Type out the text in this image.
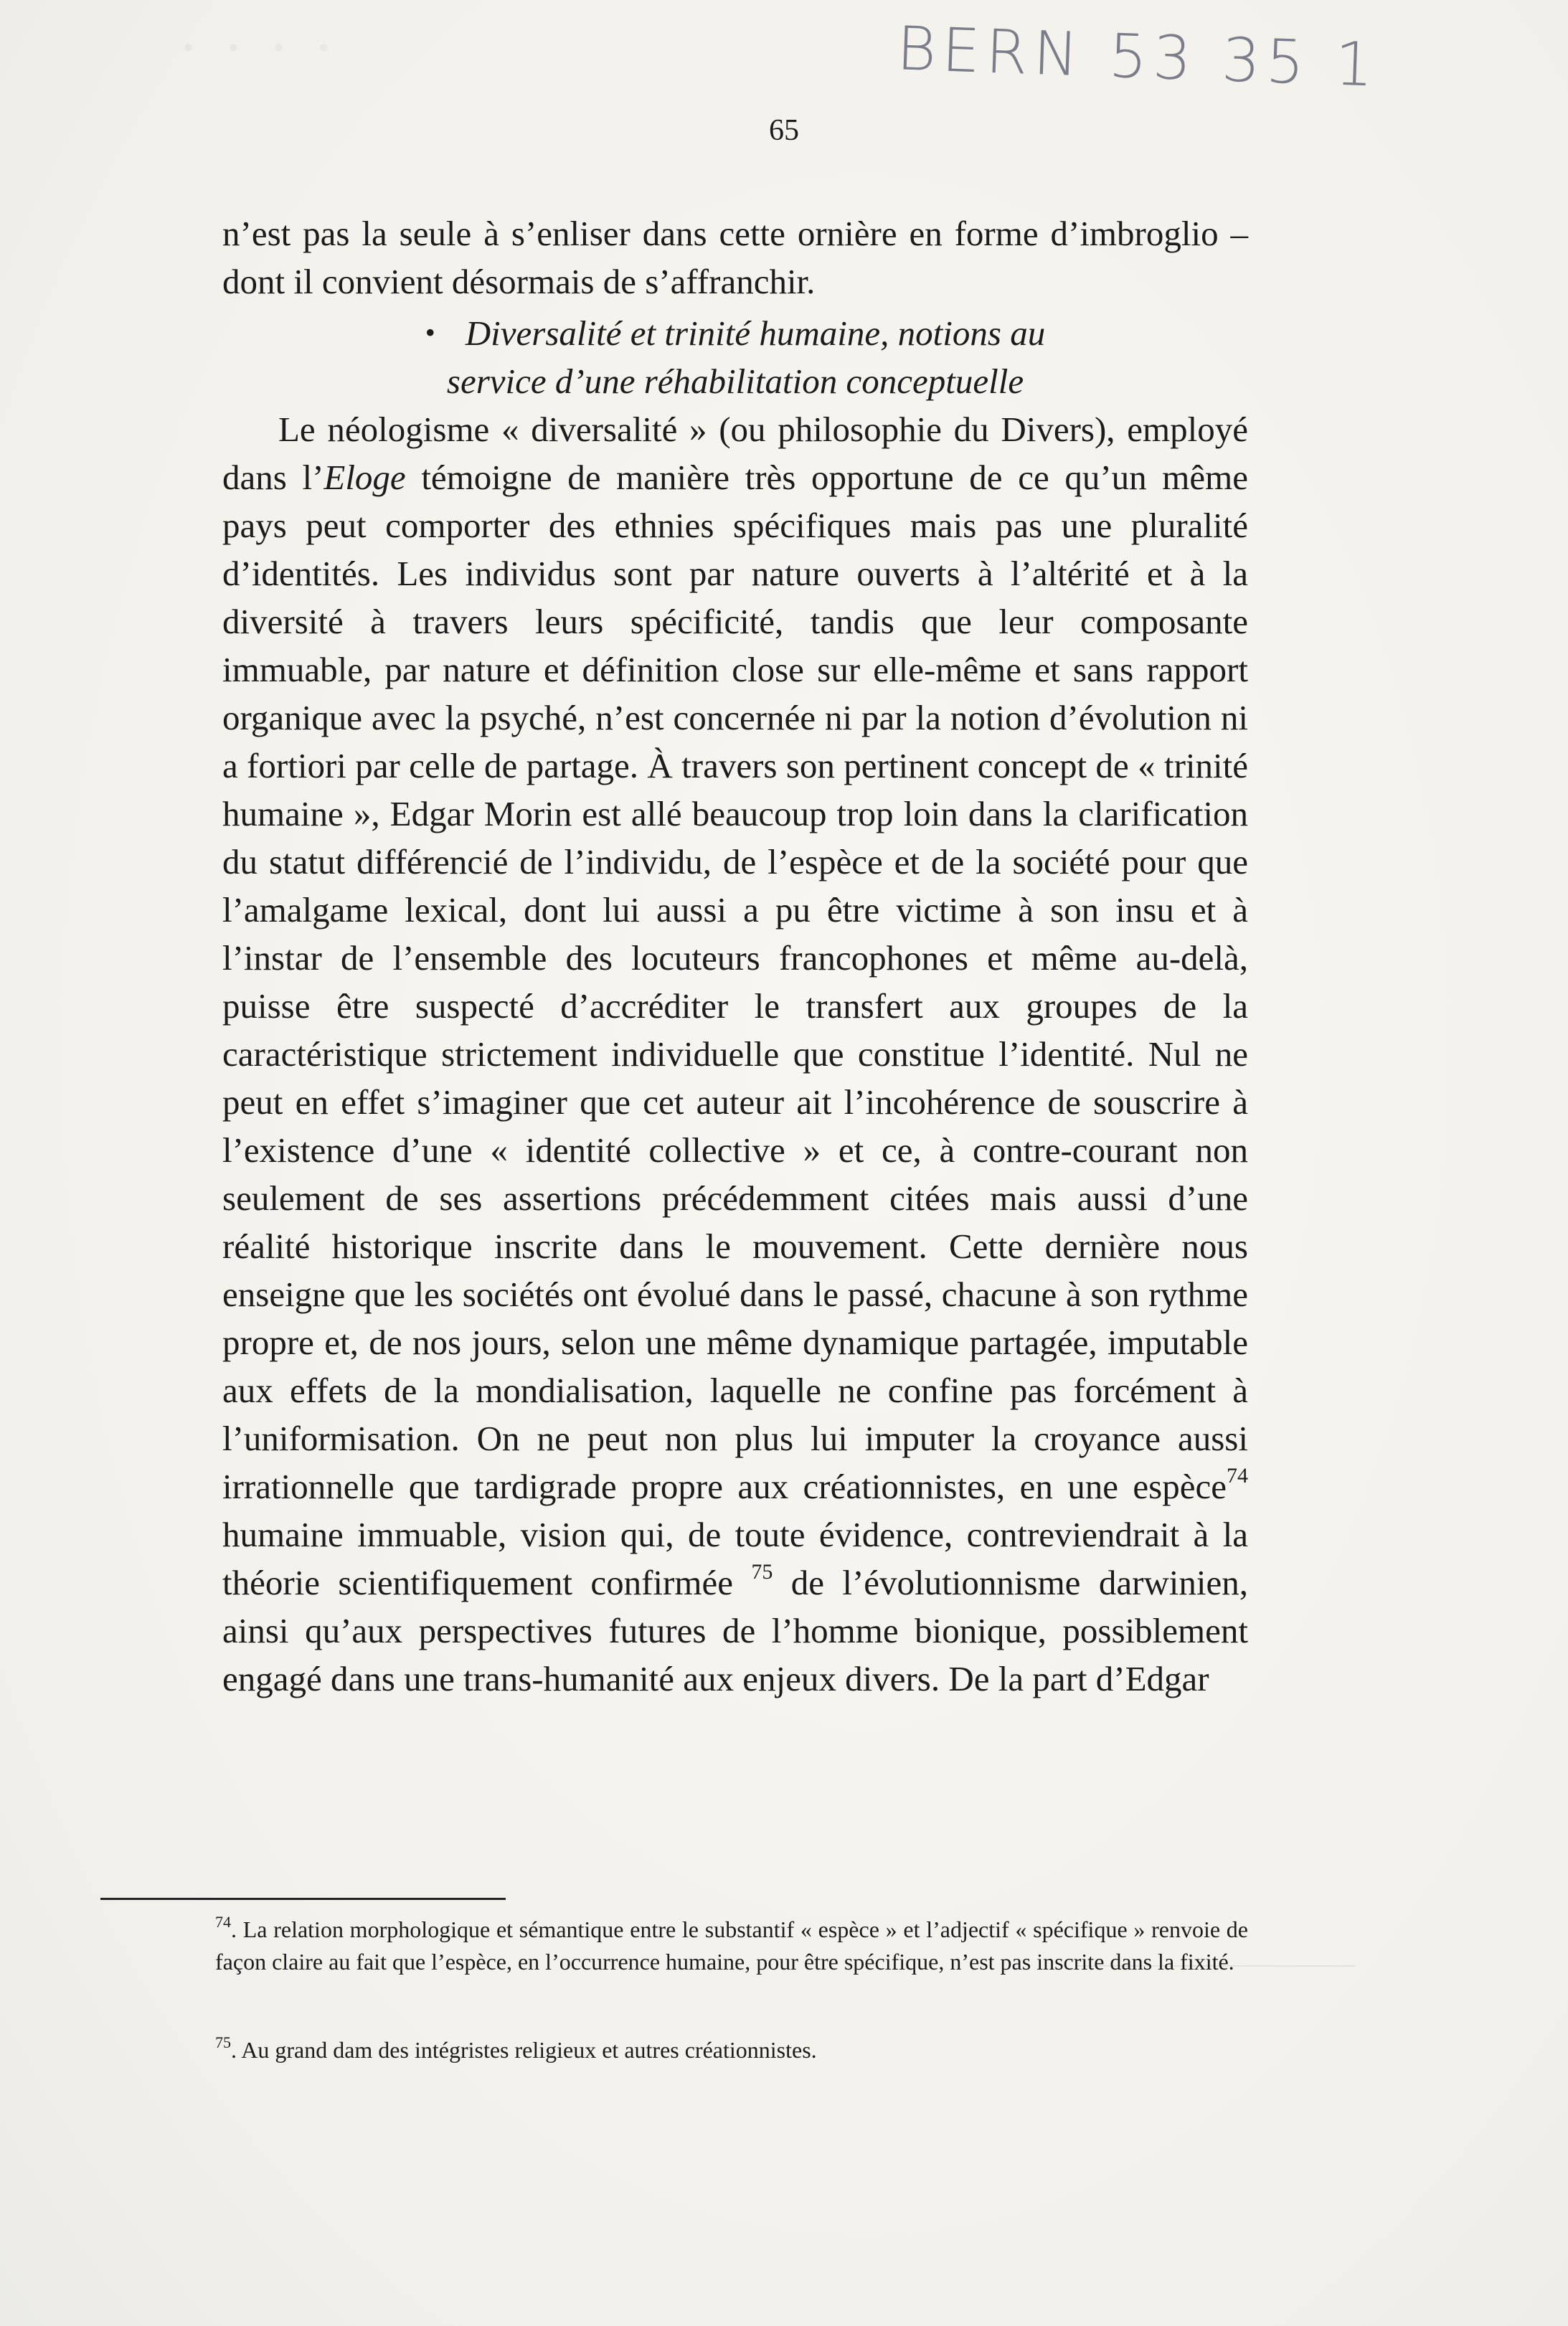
BERN 53 35 1
65

n’est pas la seule à s’enliser dans cette ornière en forme d’imbroglio – dont il convient désormais de s’affranchir.

• Diversalité et trinité humaine, notions au
service d’une réhabilitation conceptuelle

Le néologisme « diversalité » (ou philosophie du Divers), employé dans l’Eloge témoigne de manière très opportune de ce qu’un même pays peut comporter des ethnies spécifiques mais pas une pluralité d’identités. Les individus sont par nature ouverts à l’altérité et à la diversité à travers leurs spécificité, tandis que leur composante immuable, par nature et définition close sur elle-même et sans rapport organique avec la psyché, n’est concernée ni par la notion d’évolution ni a fortiori par celle de partage. À travers son pertinent concept de « trinité humaine », Edgar Morin est allé beaucoup trop loin dans la clarification du statut différencié de l’individu, de l’espèce et de la société pour que l’amalgame lexical, dont lui aussi a pu être victime à son insu et à l’instar de l’ensemble des locuteurs francophones et même au-delà, puisse être suspecté d’accréditer le transfert aux groupes de la caractéristique strictement individuelle que constitue l’identité. Nul ne peut en effet s’imaginer que cet auteur ait l’incohérence de souscrire à l’existence d’une « identité collective » et ce, à contre-courant non seulement de ses assertions précédemment citées mais aussi d’une réalité historique inscrite dans le mouvement. Cette dernière nous enseigne que les sociétés ont évolué dans le passé, chacune à son rythme propre et, de nos jours, selon une même dynamique partagée, imputable aux effets de la mondialisation, laquelle ne confine pas forcément à l’uniformisation. On ne peut non plus lui imputer la croyance aussi irrationnelle que tardigrade propre aux créationnistes, en une espèce$^{74}$ humaine immuable, vision qui, de toute évidence, contreviendrait à la théorie scientifiquement confirmée $^{75}$ de l’évolutionnisme darwinien, ainsi qu’aux perspectives futures de l’homme bionique, possiblement engagé dans une trans-humanité aux enjeux divers. De la part d’Edgar

$^{74}$. La relation morphologique et sémantique entre le substantif « espèce » et l’adjectif « spécifique » renvoie de façon claire au fait que l’espèce, en l’occurrence humaine, pour être spécifique, n’est pas inscrite dans la fixité.

$^{75}$. Au grand dam des intégristes religieux et autres créationnistes.
